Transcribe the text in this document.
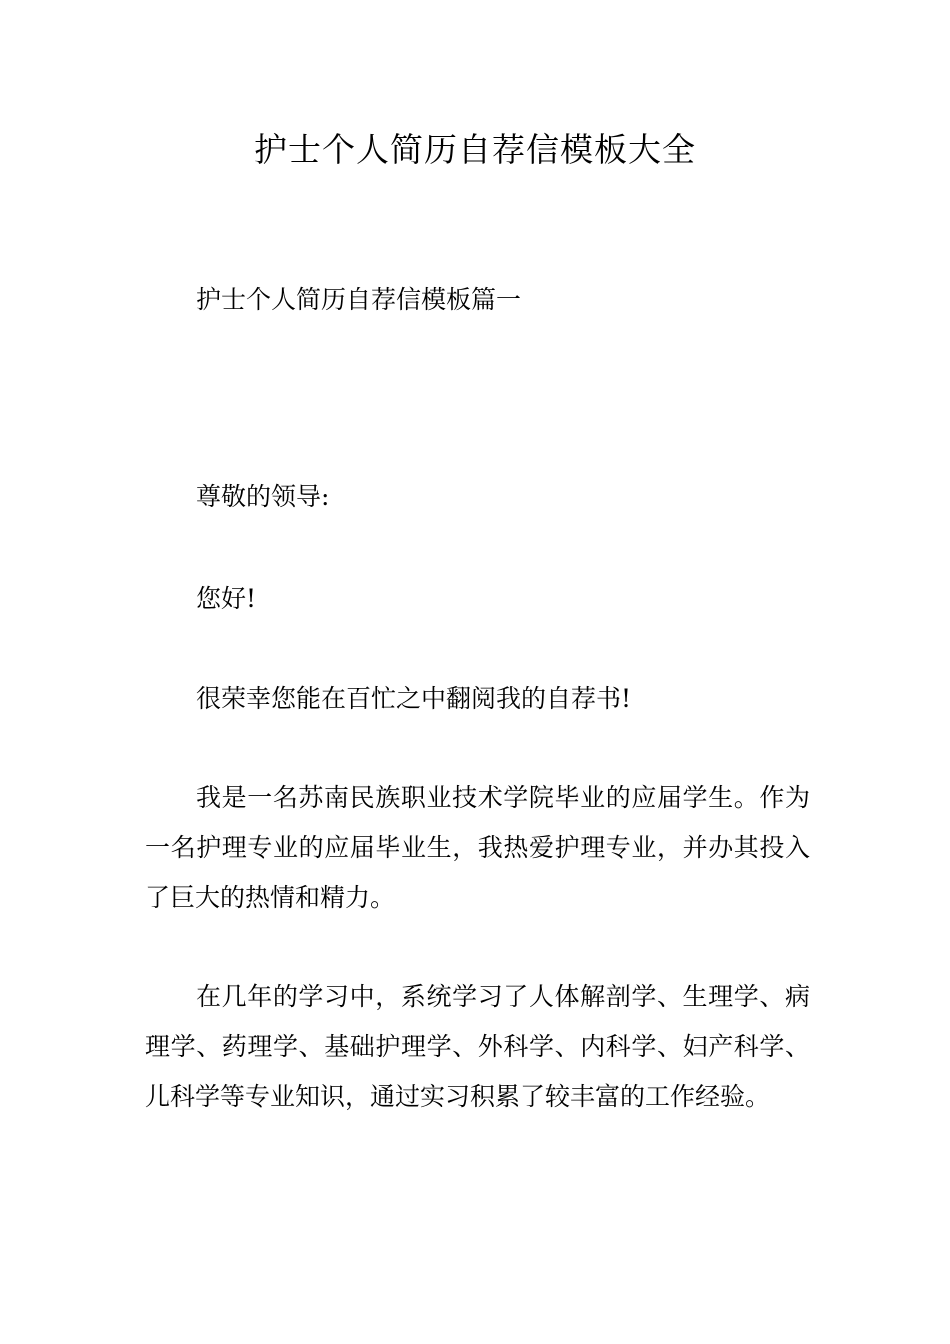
护士个人简历自荐信模板大全

护士个人简历自荐信模板篇一

尊敬的领导:

您好!

很荣幸您能在百忙之中翻阅我的自荐书!

我是一名苏南民族职业技术学院毕业的应届学生。作为一名护理专业的应届毕业生，我热爱护理专业，并办其投入了巨大的热情和精力。

在几年的学习中，系统学习了人体解剖学、生理学、病理学、药理学、基础护理学、外科学、内科学、妇产科学、儿科学等专业知识，通过实习积累了较丰富的工作经验。
